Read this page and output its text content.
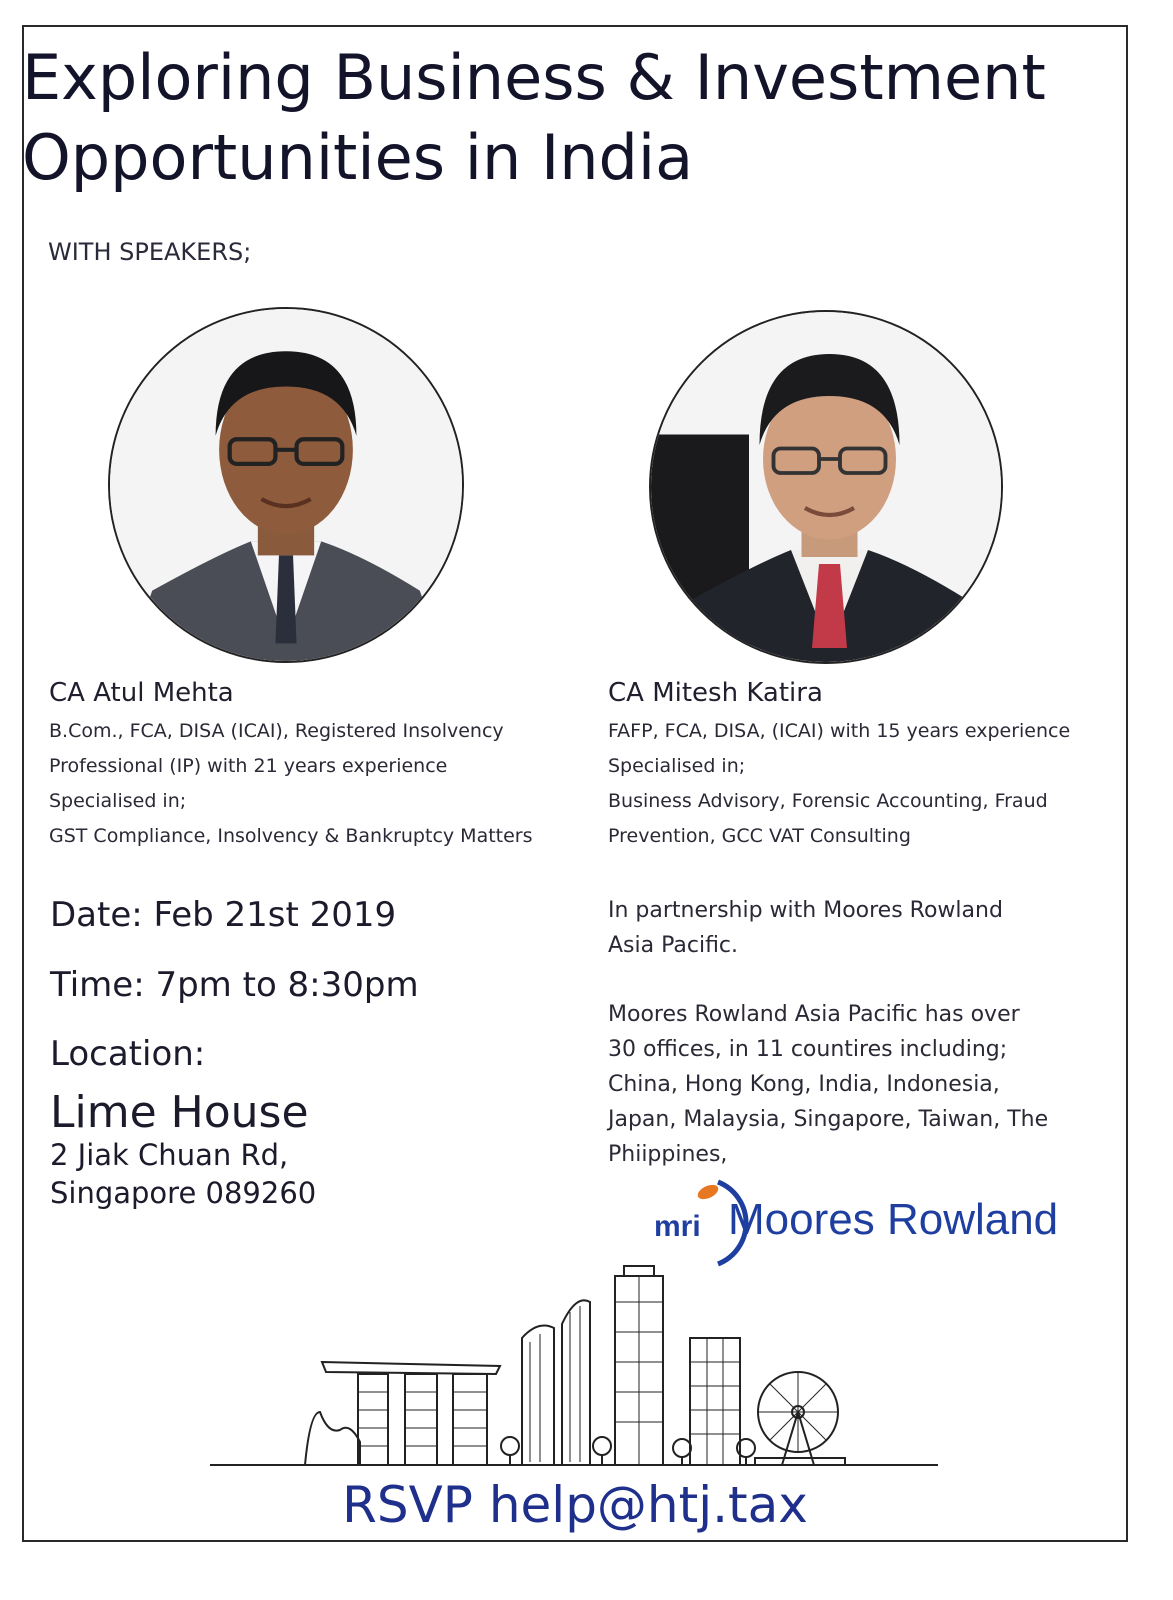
Exploring Business & Investment
Opportunities in India
WITH SPEAKERS;
CA Atul Mehta
B.Com., FCA, DISA (ICAI), Registered Insolvency
Professional (IP) with 21 years experience
Specialised in;
GST Compliance, Insolvency & Bankruptcy Matters
CA Mitesh Katira
FAFP, FCA, DISA, (ICAI) with 15 years experience
Specialised in;
Business Advisory, Forensic Accounting, Fraud
Prevention, GCC VAT Consulting
Date: Feb 21st 2019
Time: 7pm to 8:30pm
Location:
Lime House
2 Jiak Chuan Rd,
Singapore 089260
In partnership with Moores Rowland
Asia Pacific.
Moores Rowland Asia Pacific has over
30 offices, in 11 countires including;
China, Hong Kong, India, Indonesia,
Japan, Malaysia, Singapore, Taiwan, The
Phiippines,
mri Moores Rowland
RSVP help@htj.tax
